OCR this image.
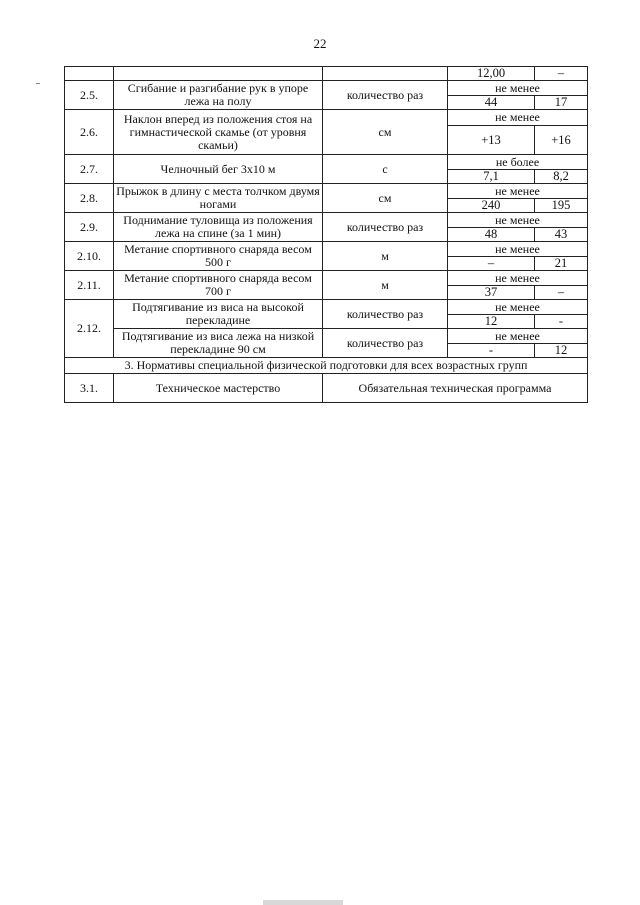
22
			12,00	–
2.5.	Сгибание и разгибание рук в упоре лежа на полу	количество раз	не менее	
			44	17
2.6.	Наклон вперед из положения стоя на гимнастической скамье (от уровня скамьи)	см	не менее	
			+13	+16
2.7.	Челночный бег 3х10 м	с	не более	
			7,1	8,2
2.8.	Прыжок в длину с места толчком двумя ногами	см	не менее	
			240	195
2.9.	Поднимание туловища из положения лежа на спине (за 1 мин)	количество раз	не менее	
			48	43
2.10.	Метание спортивного снаряда весом 500 г	м	не менее	
			–	21
2.11.	Метание спортивного снаряда весом 700 г	м	не менее	
			37	–
2.12.	Подтягивание из виса на высокой перекладине	количество раз	не менее	
			12	-
	Подтягивание из виса лежа на низкой перекладине 90 см	количество раз	не менее	
			-	12
3. Нормативы специальной физической подготовки для всех возрастных групп				
3.1.	Техническое мастерство	Обязательная техническая программа		
